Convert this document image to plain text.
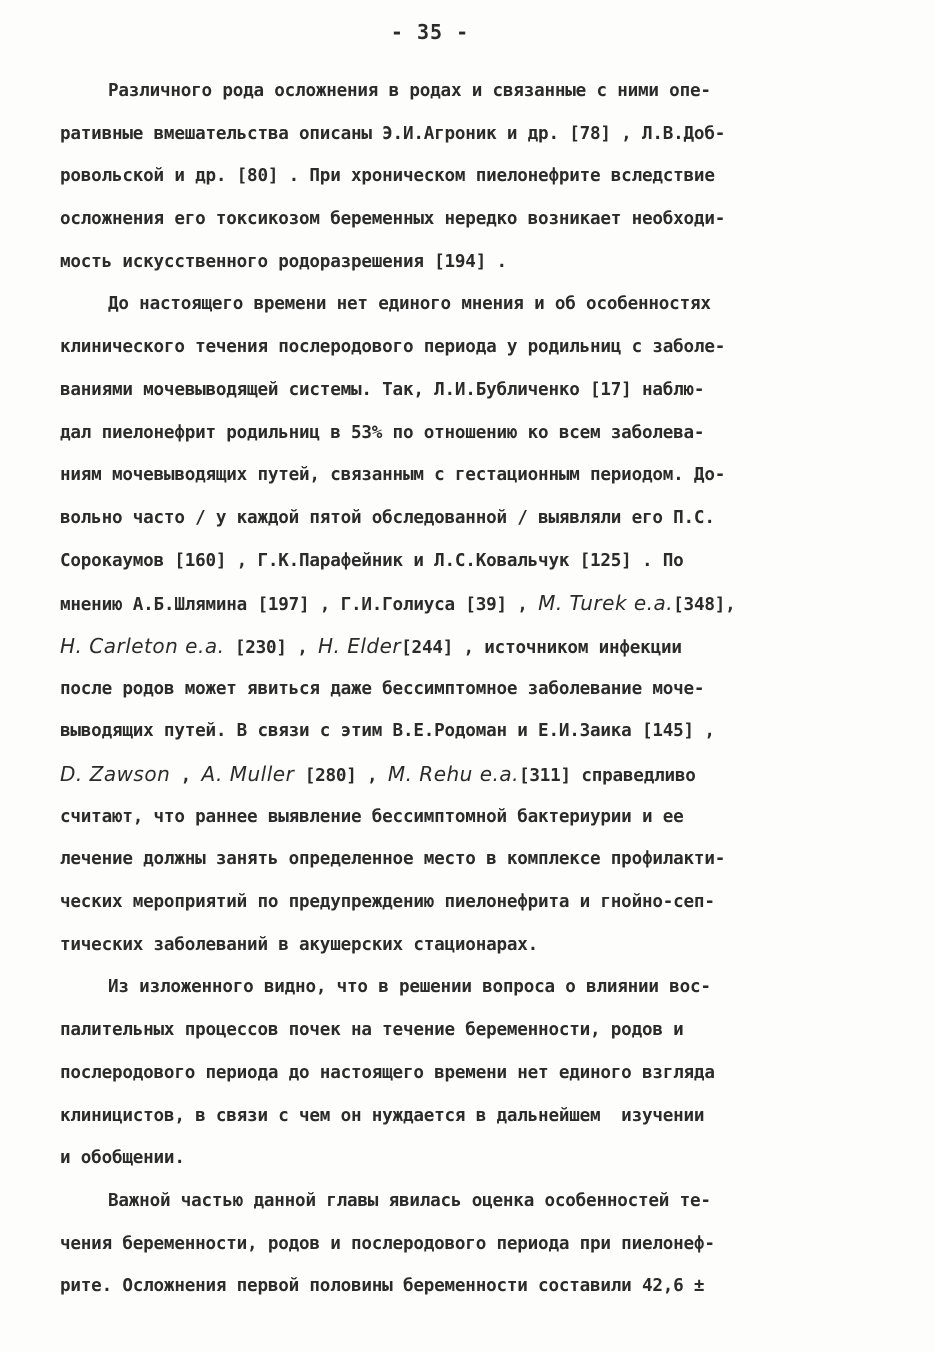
- 35 -
Различного рода осложнения в родах и связанные с ними опе-
ративные вмешательства описаны Э.И.Агроник и др. [78] , Л.В.Доб-
ровольской и др. [80] . При хроническом пиелонефрите вследствие
осложнения его токсикозом беременных нередко возникает необходи-
мость искусственного родоразрешения [194] .
До настоящего времени нет единого мнения и об особенностях
клинического течения послеродового периода у родильниц с заболе-
ваниями мочевыводящей системы. Так, Л.И.Бубличенко [17] наблю-
дал пиелонефрит родильниц в 53% по отношению ко всем заболева-
ниям мочевыводящих путей, связанным с гестационным периодом. До-
вольно часто / у каждой пятой обследованной / выявляли его П.С.
Сорокаумов [160] , Г.К.Парафейник и Л.С.Ковальчук [125] . По
мнению А.Б.Шлямина [197] , Г.И.Голиуса [39] , M. Turek e.a.[348],
H. Carleton e.a. [230] , H. Elder[244] , источником инфекции
после родов может явиться даже бессимптомное заболевание моче-
выводящих путей. В связи с этим В.Е.Родоман и Е.И.Заика [145] ,
D. Zawson , A. Muller [280] , M. Rehu e.a.[311] справедливо
считают, что раннее выявление бессимптомной бактериурии и ее
лечение должны занять определенное место в комплексе профилакти-
ческих мероприятий по предупреждению пиелонефрита и гнойно-сеп-
тических заболеваний в акушерских стационарах.
Из изложенного видно, что в решении вопроса о влиянии вос-
палительных процессов почек на течение беременности, родов и
послеродового периода до настоящего времени нет единого взгляда
клиницистов, в связи с чем он нуждается в дальнейшем  изучении
и обобщении.
Важной частью данной главы явилась оценка особенностей те-
чения беременности, родов и послеродового периода при пиелонеф-
рите. Осложнения первой половины беременности составили 42,6 ±
